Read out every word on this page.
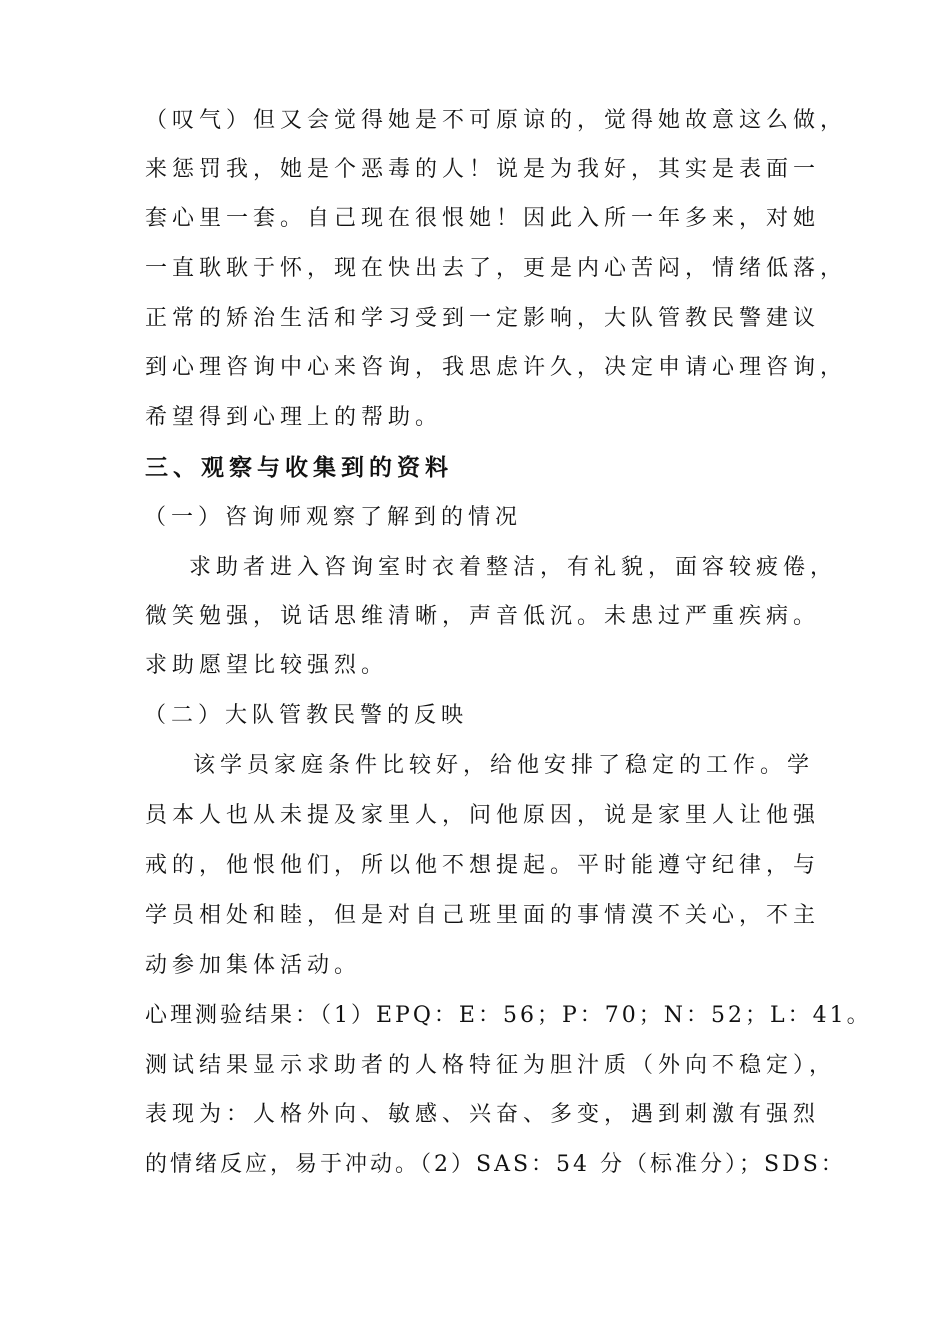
（叹气）但又会觉得她是不可原谅的，觉得她故意这么做，
来惩罚我，她是个恶毒的人！说是为我好，其实是表面一
套心里一套。自己现在很恨她！因此入所一年多来，对她
一直耿耿于怀，现在快出去了，更是内心苦闷，情绪低落，
正常的矫治生活和学习受到一定影响，大队管教民警建议
到心理咨询中心来咨询，我思虑许久，决定申请心理咨询，
希望得到心理上的帮助。
三、观察与收集到的资料
（一）咨询师观察了解到的情况
求助者进入咨询室时衣着整洁，有礼貌，面容较疲倦，
微笑勉强，说话思维清晰，声音低沉。未患过严重疾病。
求助愿望比较强烈。
（二）大队管教民警的反映
该学员家庭条件比较好，给他安排了稳定的工作。学
员本人也从未提及家里人，问他原因，说是家里人让他强
戒的，他恨他们，所以他不想提起。平时能遵守纪律，与
学员相处和睦，但是对自己班里面的事情漠不关心，不主
动参加集体活动。
心理测验结果：（1）EPQ：E：56；P：70；N：52；L：41。
测试结果显示求助者的人格特征为胆汁质（外向不稳定），
表现为：人格外向、敏感、兴奋、多变，遇到刺激有强烈
的情绪反应，易于冲动。（2）SAS：54 分（标准分）；SDS：
